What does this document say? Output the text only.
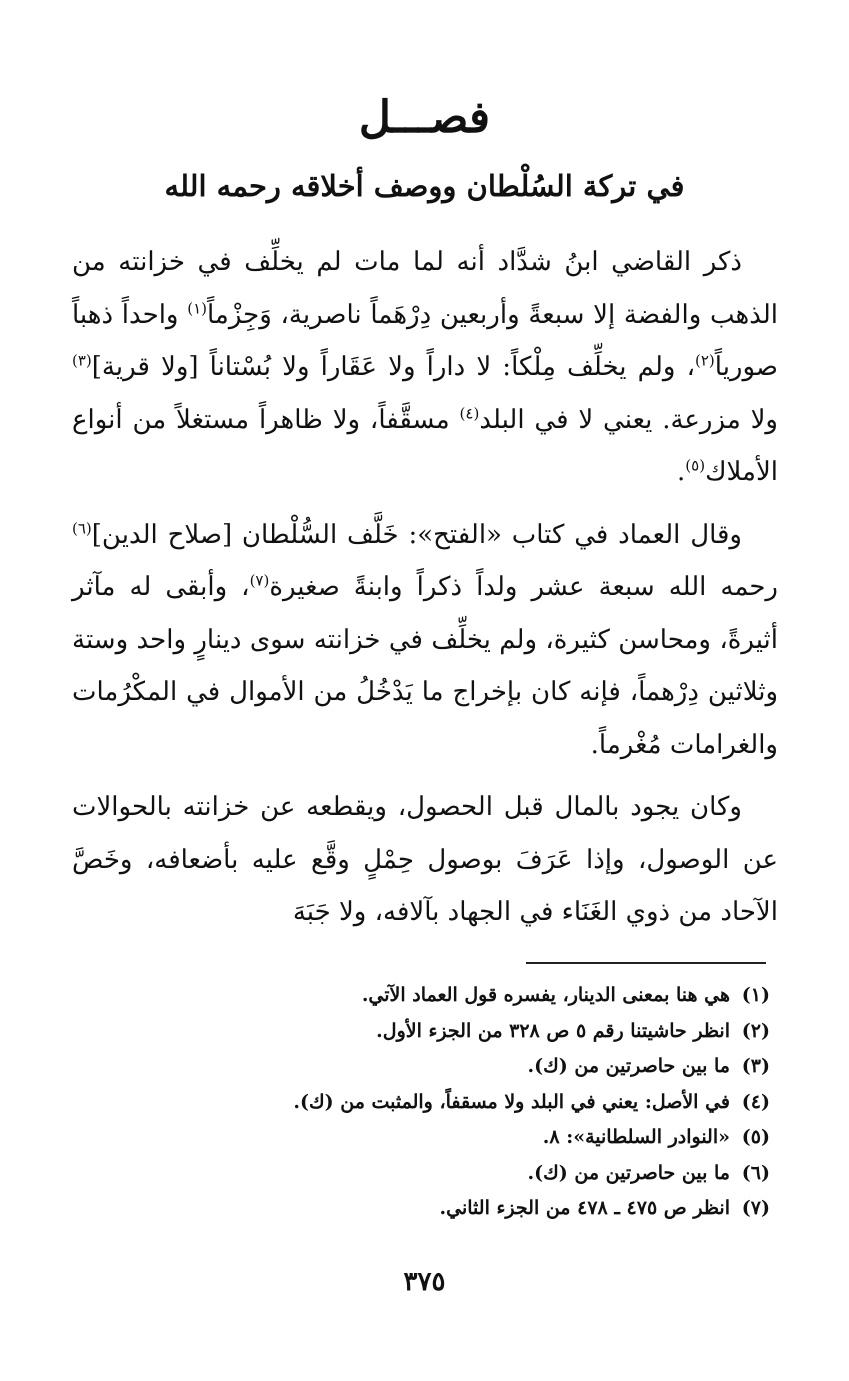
فصـــل
في تركة السُلْطان ووصف أخلاقه رحمه الله

ذكر القاضي ابنُ شدَّاد أنه لما مات لم يخلِّف في خزانته من الذهب والفضة إلا سبعةً وأربعين دِرْهَماً ناصرية، وَجِزْماً$^{(١)}$ واحداً ذهباً صورياً$^{(٢)}$، ولم يخلِّف مِلْكاً: لا داراً ولا عَقَاراً ولا بُسْتاناً [ولا قرية]$^{(٣)}$ ولا مزرعة. يعني لا في البلد$^{(٤)}$ مسقَّفاً، ولا ظاهراً مستغلاً من أنواع الأملاك$^{(٥)}$.

وقال العماد في كتاب «الفتح»: خَلَّف السُّلْطان [صلاح الدين]$^{(٦)}$ رحمه الله سبعة عشر ولداً ذكراً وابنةً صغيرة$^{(٧)}$، وأبقى له مآثر أثيرةً، ومحاسن كثيرة، ولم يخلِّف في خزانته سوى دينارٍ واحد وستة وثلاثين دِرْهماً، فإنه كان بإخراج ما يَدْخُلُ من الأموال في المكْرُمات والغرامات مُغْرماً.

وكان يجود بالمال قبل الحصول، ويقطعه عن خزانته بالحوالات عن الوصول، وإذا عَرَفَ بوصول حِمْلٍ وقَّع عليه بأضعافه، وخَصَّ الآحاد من ذوي الغَنَاء في الجهاد بآلافه، ولا جَبَهَ

(١)هي هنا بمعنى الدينار، يفسره قول العماد الآتي.
(٢)انظر حاشيتنا رقم ٥ ص ٣٢٨ من الجزء الأول.
(٣)ما بين حاصرتين من (ك).
(٤)في الأصل: يعني في البلد ولا مسقفاً، والمثبت من (ك).
(٥)«النوادر السلطانية»: ٨.
(٦)ما بين حاصرتين من (ك).
(٧)انظر ص ٤٧٥ ـ ٤٧٨ من الجزء الثاني.
٣٧٥
